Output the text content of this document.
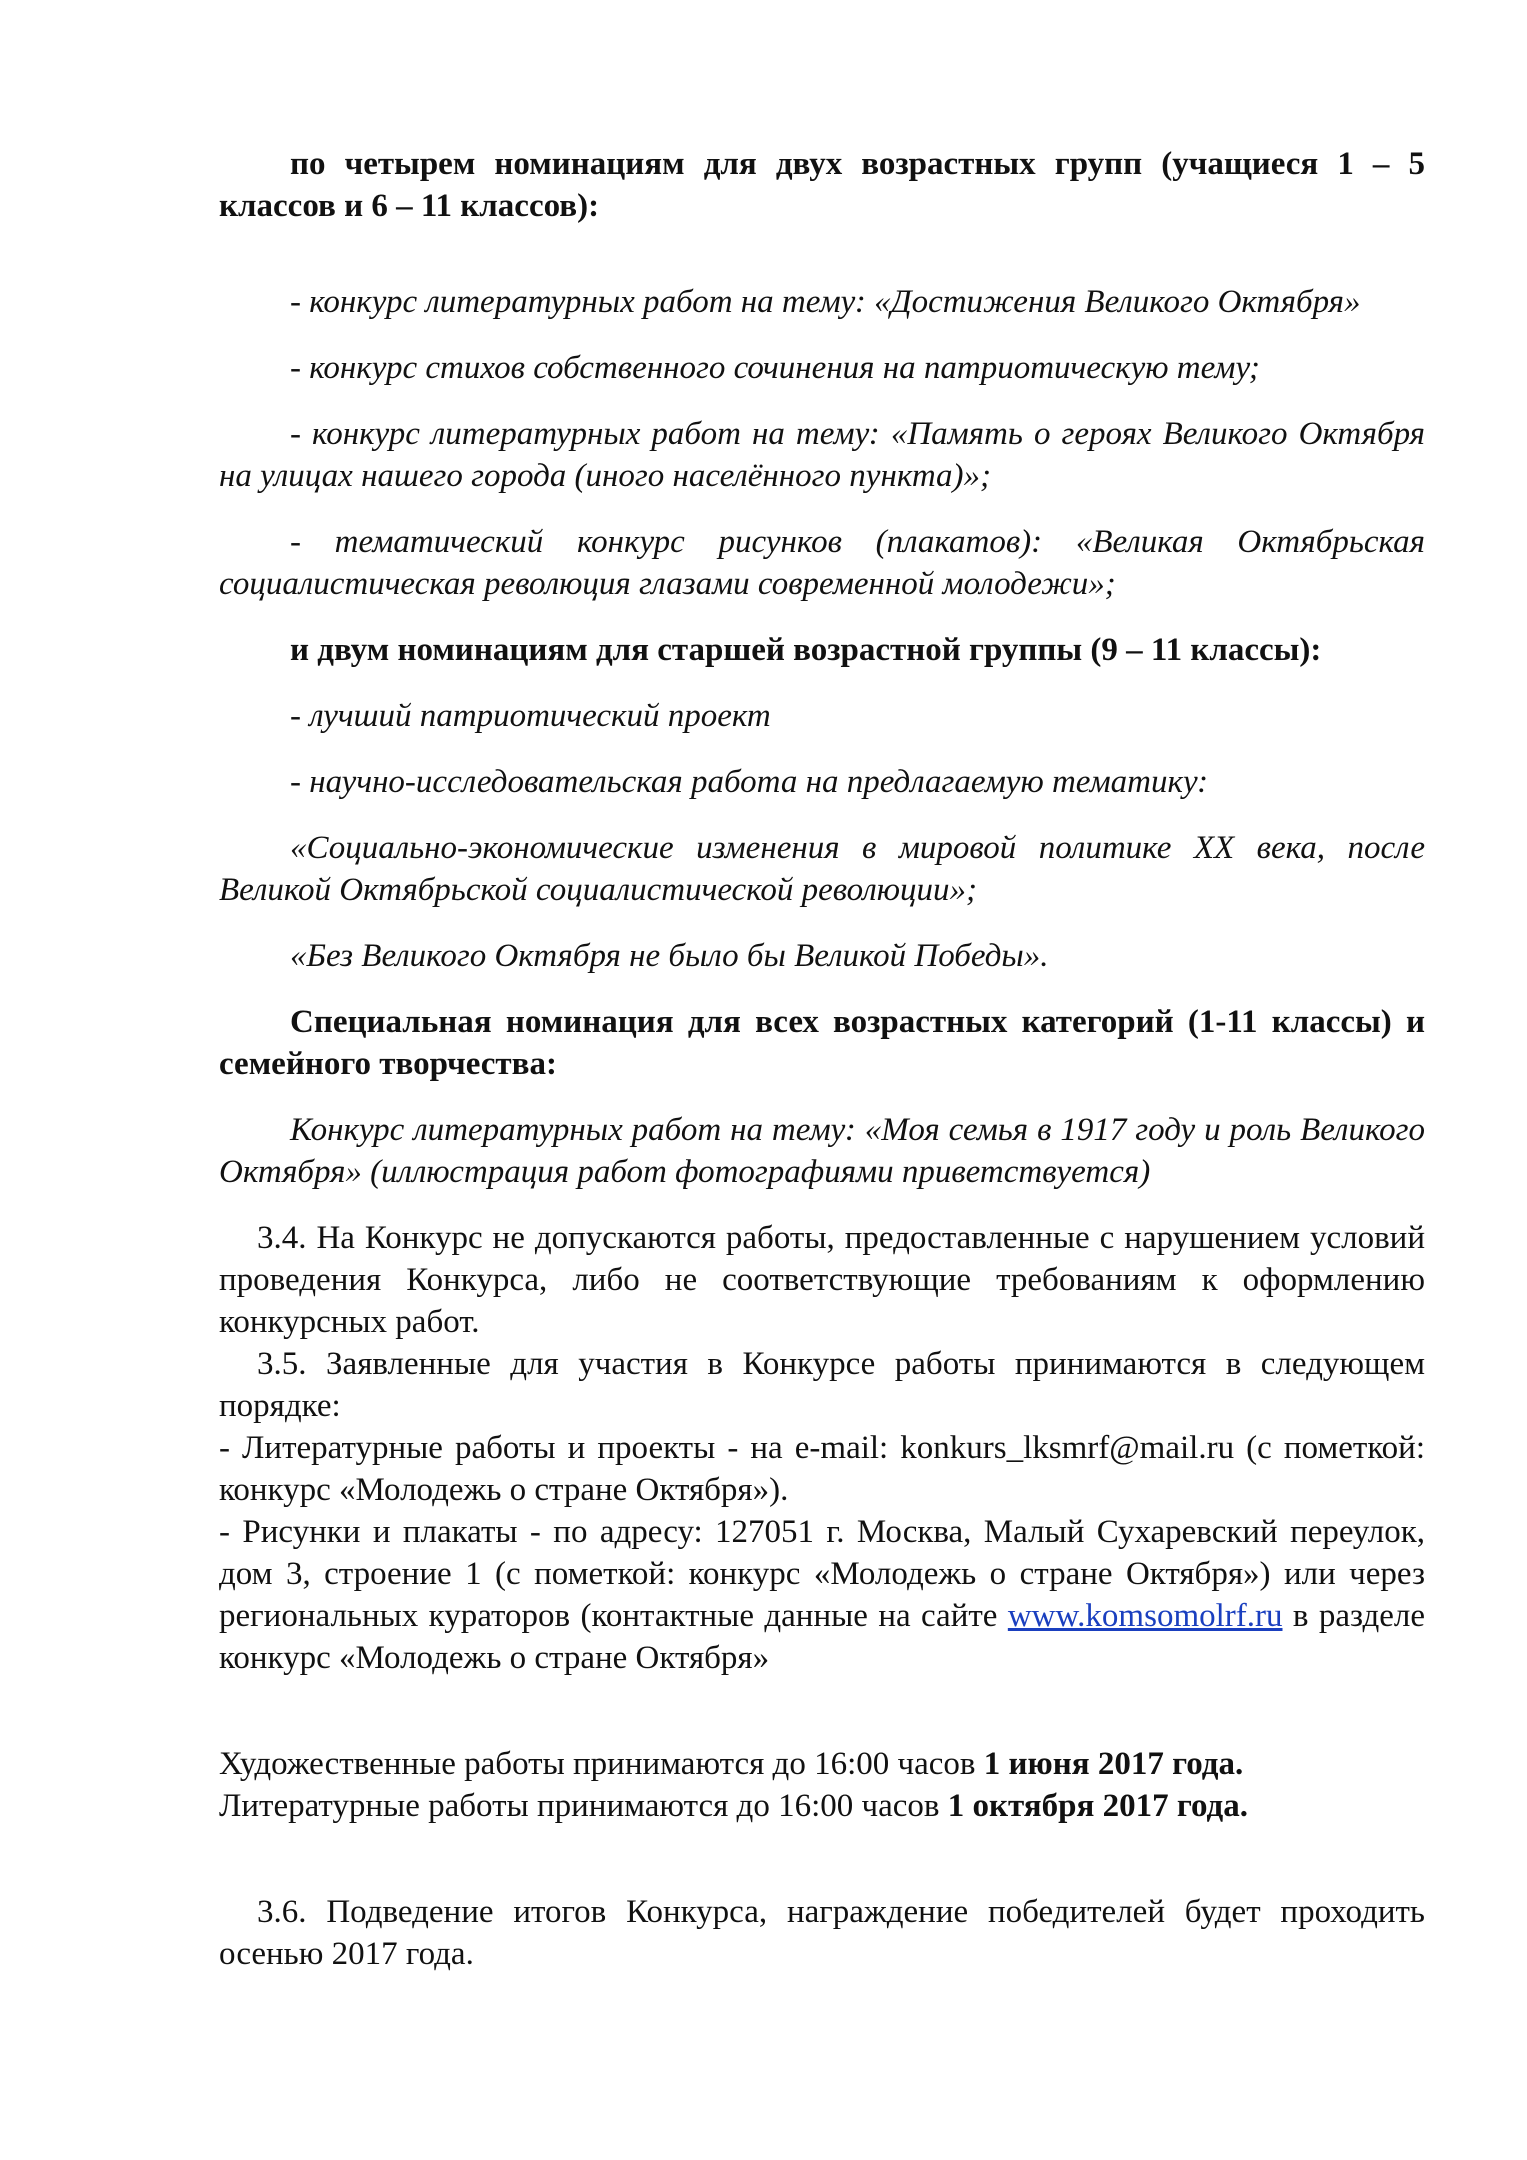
по четырем номинациям для двух возрастных групп (учащиеся 1 – 5 классов и 6 – 11 классов):

- конкурс литературных работ на тему: «Достижения Великого Октября»

- конкурс стихов собственного сочинения на патриотическую тему;

- конкурс литературных работ на тему: «Память о героях Великого Октября на улицах нашего города (иного населённого пункта)»;

- тематический конкурс рисунков (плакатов): «Великая Октябрьская социалистическая революция глазами современной молодежи»;

и двум номинациям для старшей возрастной группы (9 – 11 классы):

- лучший патриотический проект

- научно-исследовательская работа на предлагаемую тематику:

«Социально-экономические изменения в мировой политике XX века, после Великой Октябрьской социалистической революции»;

«Без Великого Октября не было бы Великой Победы».

Специальная номинация для всех возрастных категорий (1-11 классы) и семейного творчества:

Конкурс литературных работ на тему: «Моя семья в 1917 году и роль Великого Октября» (иллюстрация работ фотографиями приветствуется)

3.4. На Конкурс не допускаются работы, предоставленные с нарушением условий проведения Конкурса, либо не соответствующие требованиям к оформлению конкурсных работ.

3.5. Заявленные для участия в Конкурсе работы принимаются в следующем порядке:

- Литературные работы и проекты - на e-mail: konkurs_lksmrf@mail.ru (с пометкой: конкурс «Молодежь о стране Октября»).

- Рисунки и плакаты - по адресу: 127051 г. Москва, Малый Сухаревский переулок, дом 3, строение 1 (с пометкой: конкурс «Молодежь о стране Октября») или через региональных кураторов (контактные данные на сайте www.komsomolrf.ru в разделе конкурс «Молодежь о стране Октября»

Художественные работы принимаются до 16:00 часов 1 июня 2017 года.

Литературные работы принимаются до 16:00 часов 1 октября 2017 года.

3.6. Подведение итогов Конкурса, награждение победителей будет проходить осенью 2017 года.
